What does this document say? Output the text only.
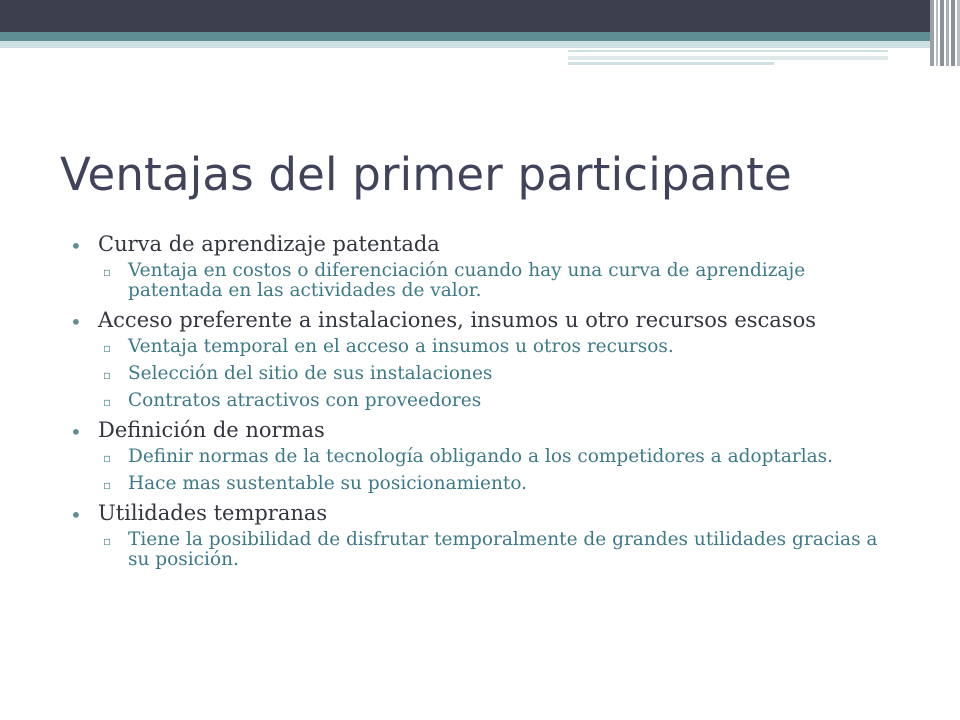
Ventajas del primer participante
• Curva de aprendizaje patentada
▫ Ventaja en costos o diferenciación cuando hay una curva de aprendizaje patentada en las actividades de valor.
• Acceso preferente a instalaciones, insumos u otro recursos escasos
▫ Ventaja temporal en el acceso a insumos u otros recursos.
▫ Selección del sitio de sus instalaciones
▫ Contratos atractivos con proveedores
• Definición de normas
▫ Definir normas de la tecnología obligando a los competidores a adoptarlas.
▫ Hace mas sustentable su posicionamiento.
• Utilidades tempranas
▫ Tiene la posibilidad de disfrutar temporalmente de grandes utilidades gracias a su posición.
